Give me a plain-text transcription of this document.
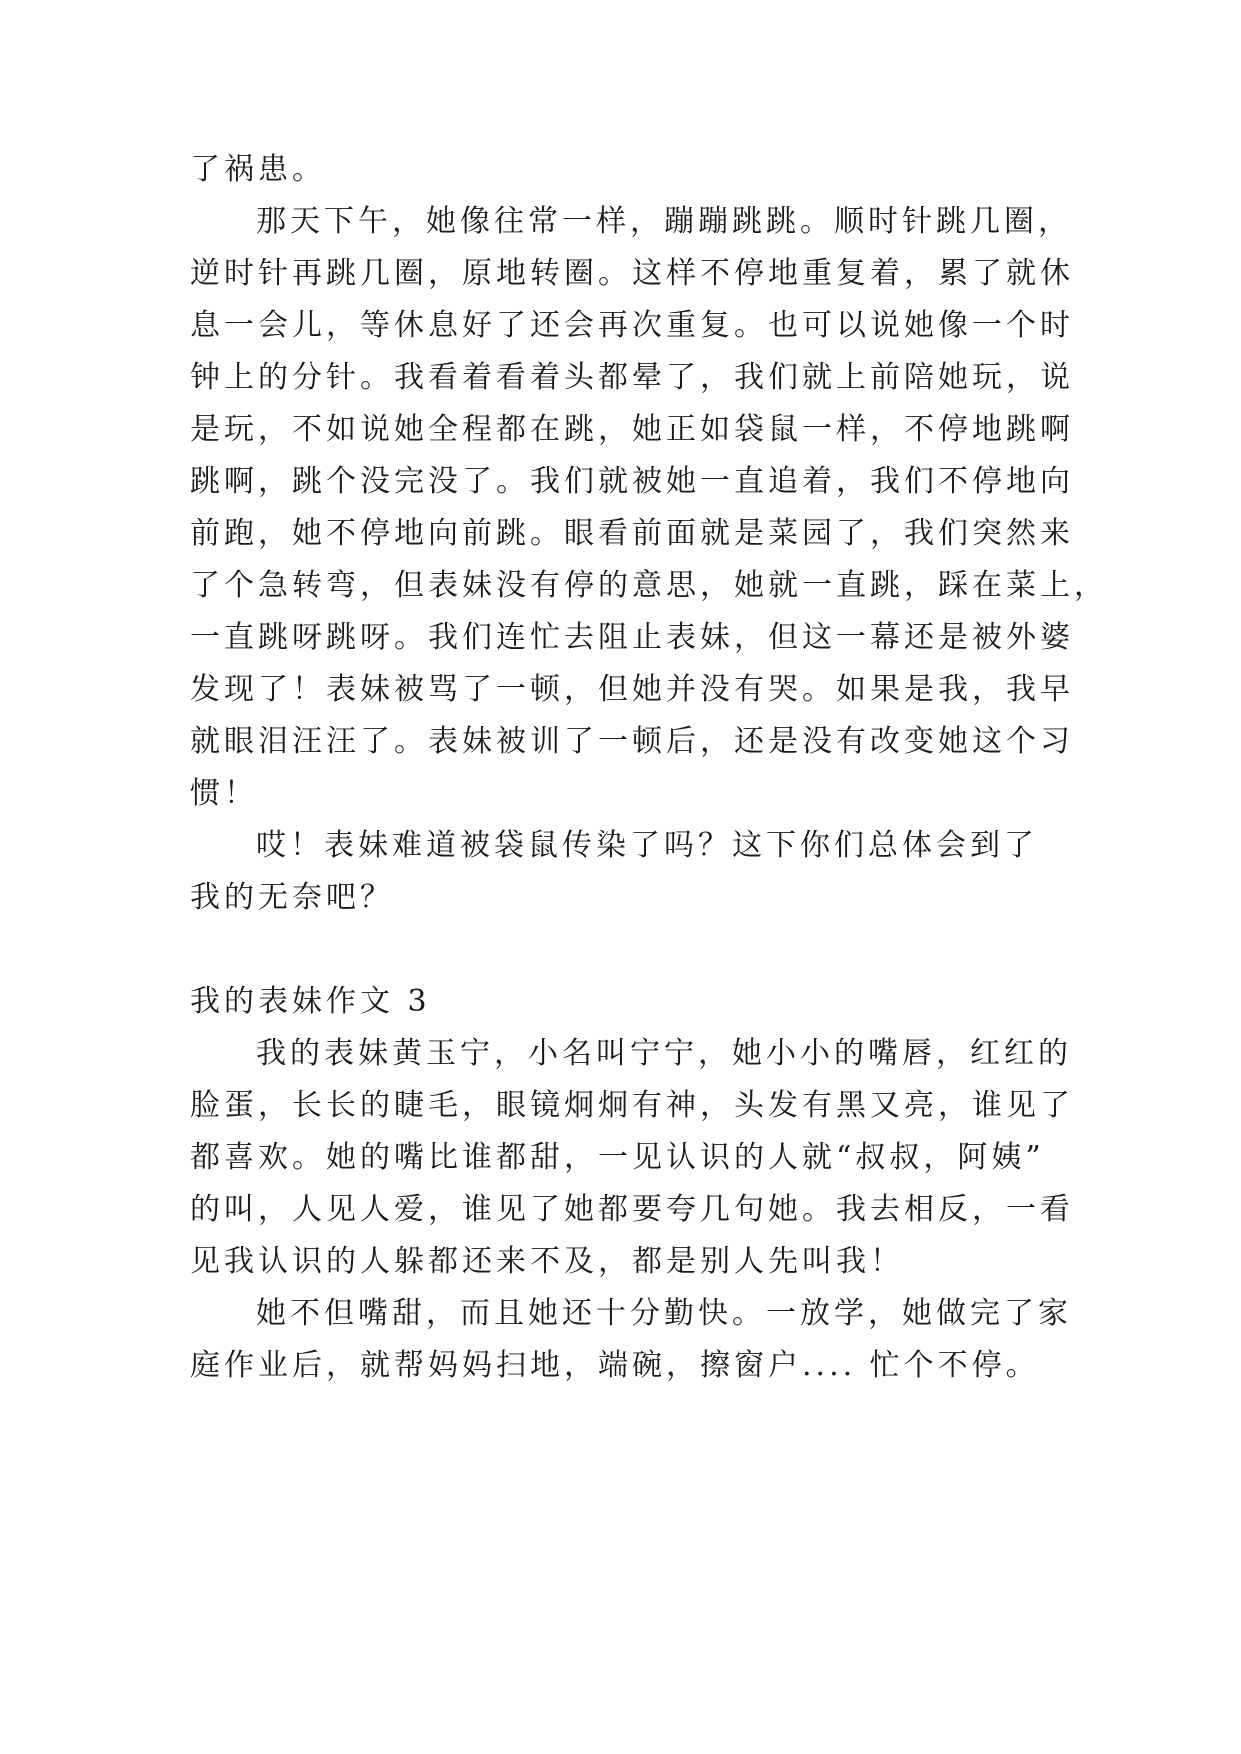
了祸患。
那天下午，她像往常一样，蹦蹦跳跳。顺时针跳几圈，
逆时针再跳几圈，原地转圈。这样不停地重复着，累了就休
息一会儿，等休息好了还会再次重复。也可以说她像一个时
钟上的分针。我看着看着头都晕了，我们就上前陪她玩，说
是玩，不如说她全程都在跳，她正如袋鼠一样，不停地跳啊
跳啊，跳个没完没了。我们就被她一直追着，我们不停地向
前跑，她不停地向前跳。眼看前面就是菜园了，我们突然来
了个急转弯，但表妹没有停的意思，她就一直跳，踩在菜上，
一直跳呀跳呀。我们连忙去阻止表妹，但这一幕还是被外婆
发现了！表妹被骂了一顿，但她并没有哭。如果是我，我早
就眼泪汪汪了。表妹被训了一顿后，还是没有改变她这个习
惯！
哎！表妹难道被袋鼠传染了吗？这下你们总体会到了
我的无奈吧？
我的表妹作文 3
我的表妹黄玉宁，小名叫宁宁，她小小的嘴唇，红红的
脸蛋，长长的睫毛，眼镜炯炯有神，头发有黑又亮，谁见了
都喜欢。她的嘴比谁都甜，一见认识的人就“叔叔，阿姨”
的叫，人见人爱，谁见了她都要夸几句她。我去相反，一看
见我认识的人躲都还来不及，都是别人先叫我！
她不但嘴甜，而且她还十分勤快。一放学，她做完了家
庭作业后，就帮妈妈扫地，端碗，擦窗户.... 忙个不停。
